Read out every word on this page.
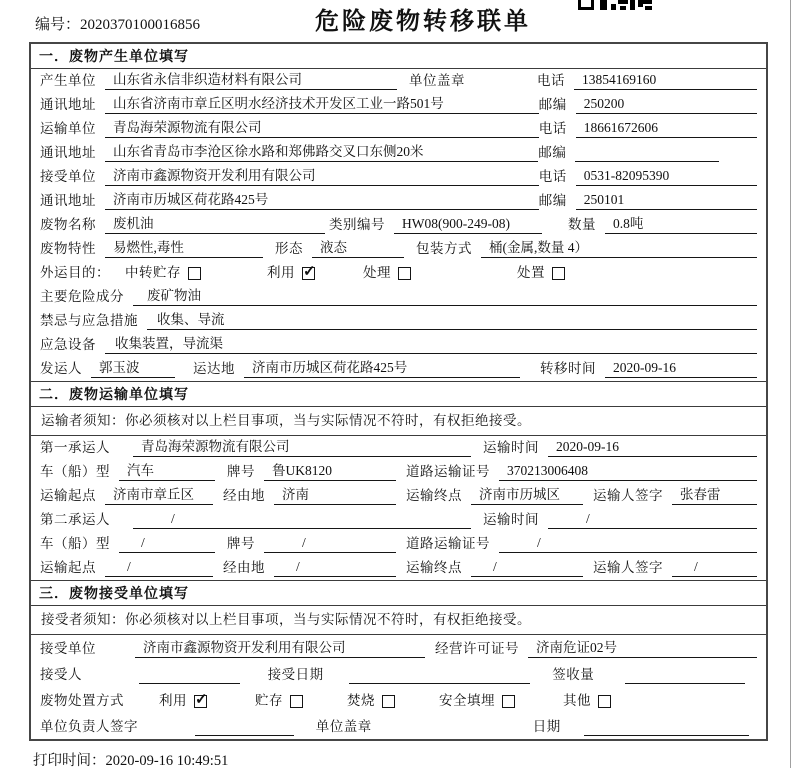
编号：2020370100016856	危险废物转移联单
一．废物产生单位填写
产生单位	山东省永信非织造材料有限公司	单位盖章	电话	13854169160
通讯地址	山东省济南市章丘区明水经济技术开发区工业一路501号	邮编	250200
运输单位	青岛海荣源物流有限公司	电话	18661672606
通讯地址	山东省青岛市李沧区徐水路和郑佛路交叉口东侧20米	邮编
接受单位	济南市鑫源物资开发利用有限公司	电话	0531-82095390
通讯地址	济南市历城区荷花路425号	邮编	250101
废物名称	废机油	类别编号	HW08(900-249-08)	数量	0.8吨
废物特性	易燃性,毒性	形态	液态	包装方式	桶(金属,数量 4）
外运目的： 中转贮存	利用 ✓	处理	处置
主要危险成分	废矿物油
禁忌与应急措施	收集、导流
应急设备	收集装置，导流渠
发运人	郭玉波	运达地	济南市历城区荷花路425号	转移时间	2020-09-16
二．废物运输单位填写
运输者须知：你必须核对以上栏目事项，当与实际情况不符时，有权拒绝接受。
第一承运人	青岛海荣源物流有限公司	运输时间	2020-09-16
车（船）型	汽车	牌号	鲁UK8120	道路运输证号	370213006408
运输起点	济南市章丘区	经由地	济南	运输终点	济南市历城区	运输人签字	张春雷
第二承运人	/	运输时间	/
车（船）型	/	牌号	/	道路运输证号	/
运输起点	/	经由地	/	运输终点	/	运输人签字	/
三．废物接受单位填写
接受者须知：你必须核对以上栏目事项，当与实际情况不符时，有权拒绝接受。
接受单位	济南市鑫源物资开发利用有限公司	经营许可证号	济南危证02号
接受人	接受日期	签收量
废物处置方式	利用 ✓	贮存	焚烧	安全填埋	其他
单位负责人签字	单位盖章	日期
打印时间：2020-09-16 10:49:51
